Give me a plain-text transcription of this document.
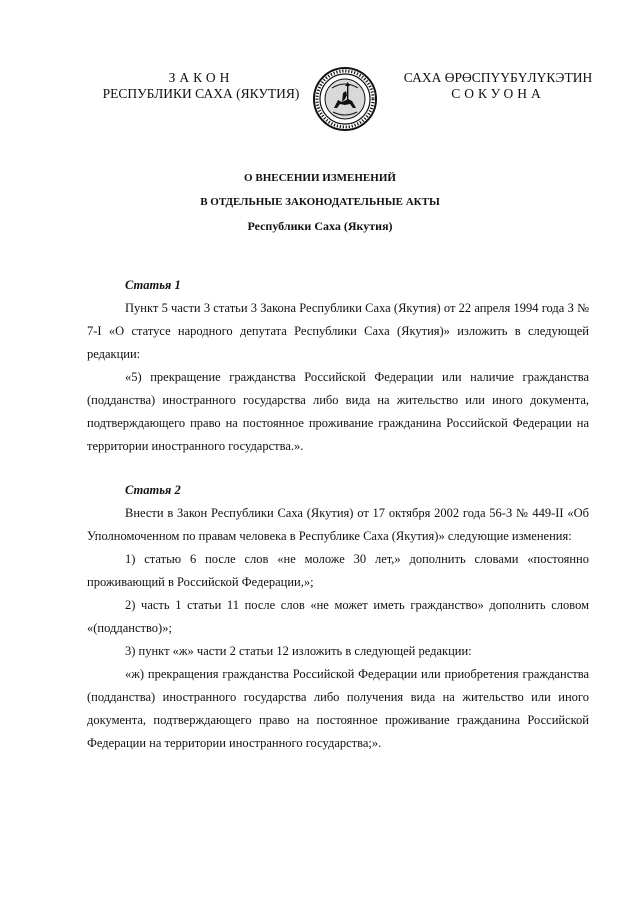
ЗАКОН
РЕСПУБЛИКИ САХА (ЯКУТИЯ)
САХА ӨРӨСПҮҮБҮЛҮКЭТИН
СОКУОНА
О ВНЕСЕНИИ ИЗМЕНЕНИЙ
В ОТДЕЛЬНЫЕ ЗАКОНОДАТЕЛЬНЫЕ АКТЫ
Республики Саха (Якутия)

Статья 1

Пункт 5 части 3 статьи 3 Закона Республики Саха (Якутия) от 22 апреля 1994 года З № 7-I «О статусе народного депутата Республики Саха (Якутия)» изложить в следующей редакции:

«5) прекращение гражданства Российской Федерации или наличие гражданства (подданства) иностранного государства либо вида на жительство или иного документа, подтверждающего право на постоянное проживание гражданина Российской Федерации на территории иностранного государства.».

Статья 2

Внести в Закон Республики Саха (Якутия) от 17 октября 2002 года 56-З № 449-II «Об Уполномоченном по правам человека в Республике Саха (Якутия)» следующие изменения:

1) статью 6 после слов «не моложе 30 лет,» дополнить словами «постоянно проживающий в Российской Федерации,»;

2) часть 1 статьи 11 после слов «не может иметь гражданство» дополнить словом «(подданство)»;

3) пункт «ж» части 2 статьи 12 изложить в следующей редакции:

«ж) прекращения гражданства Российской Федерации или приобретения гражданства (подданства) иностранного государства либо получения вида на жительство или иного документа, подтверждающего право на постоянное проживание гражданина Российской Федерации на территории иностранного государства;».
